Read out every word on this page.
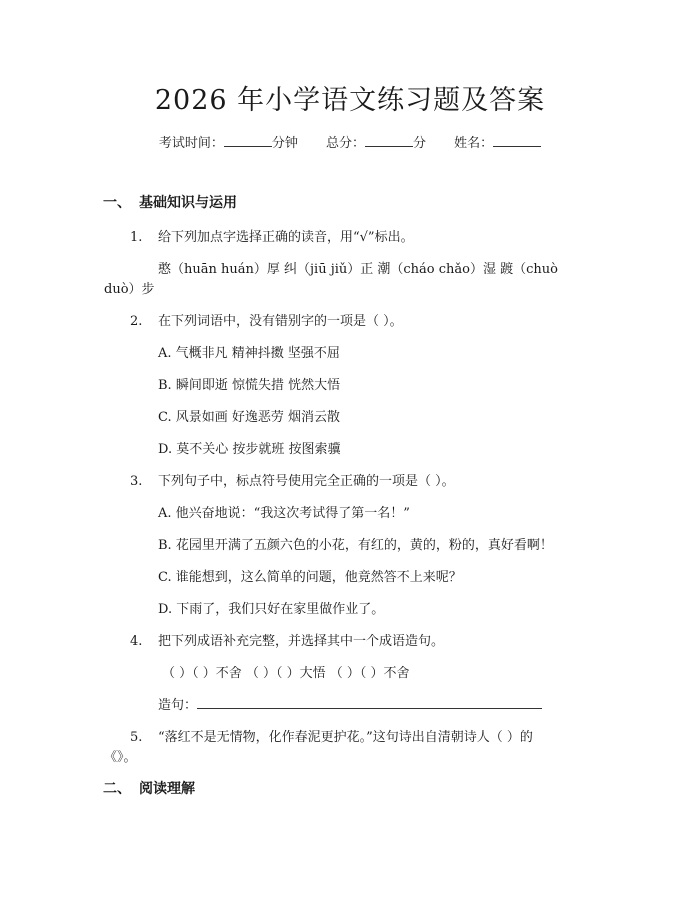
2026 年小学语文练习题及答案
考试时间：	分钟 总分：	分 姓名：
一、 基础知识与运用
1. 给下列加点字选择正确的读音，用“√”标出。
憨（huān huán）厚 纠（jiū jiǔ）正 潮（cháo chǎo）湿 踱（chuò
duò）步
2. 在下列词语中，没有错别字的一项是（ ）。
A. 气概非凡 精神抖擞 坚强不屈
B. 瞬间即逝 惊慌失措 恍然大悟
C. 风景如画 好逸恶劳 烟消云散
D. 莫不关心 按步就班 按图索骥
3. 下列句子中，标点符号使用完全正确的一项是（ ）。
A. 他兴奋地说：“我这次考试得了第一名！”
B. 花园里开满了五颜六色的小花，有红的，黄的，粉的，真好看啊！
C. 谁能想到，这么简单的问题，他竟然答不上来呢？
D. 下雨了，我们只好在家里做作业了。
4. 把下列成语补充完整，并选择其中一个成语造句。
（ ）（ ）不舍 （ ）（ ）大悟 （ ）（ ）不舍
造句：
5. “落红不是无情物，化作春泥更护花。”这句诗出自清朝诗人（ ）的
《》。
二、 阅读理解
